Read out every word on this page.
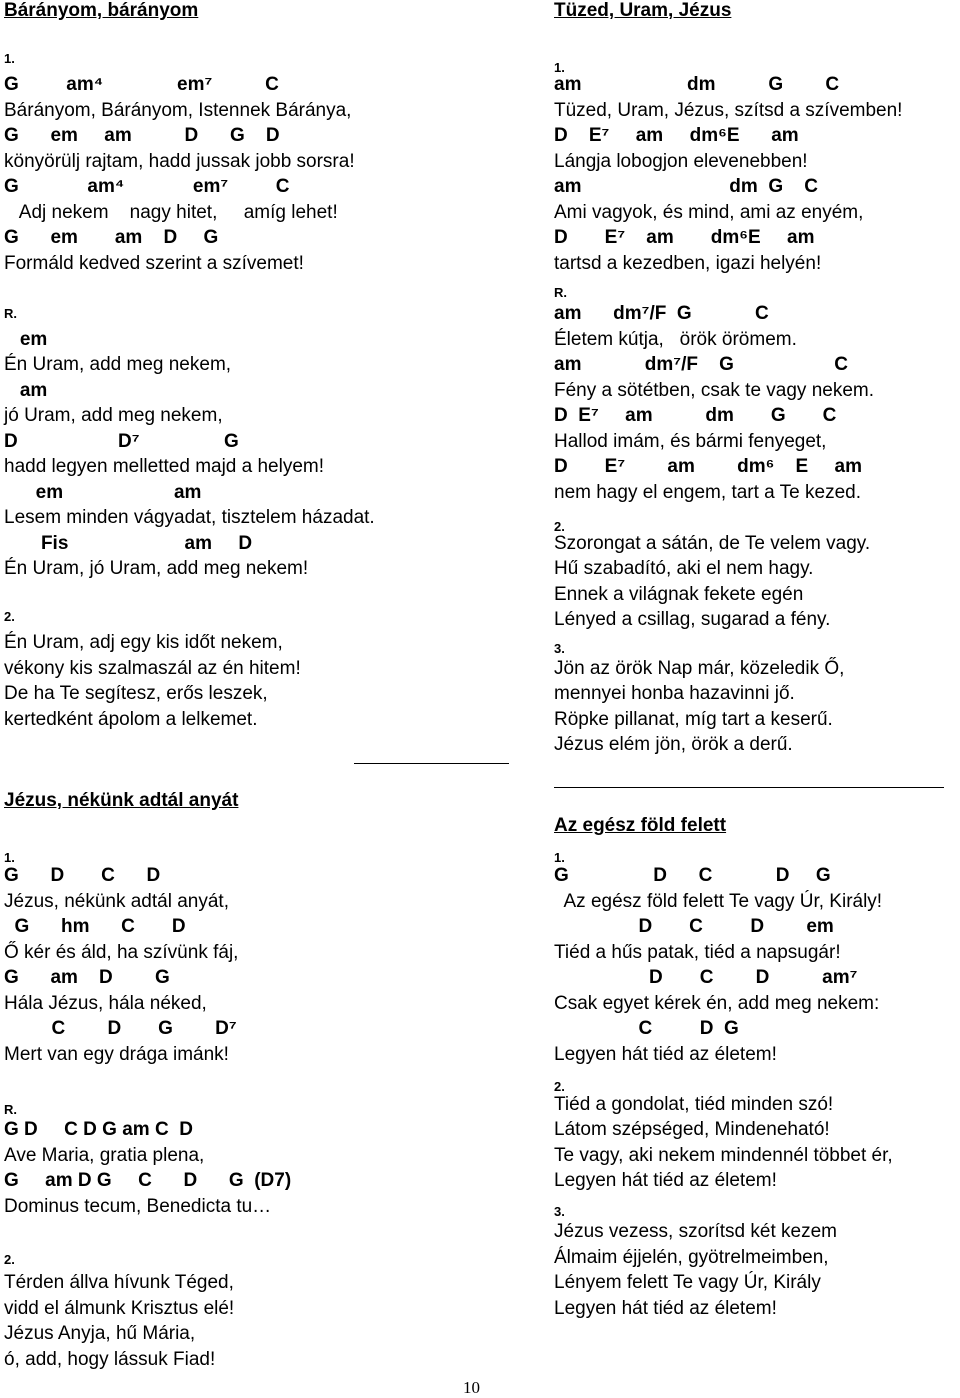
Bárányom, bárányom
1.
G         am⁴              em⁷          C
Bárányom, Bárányom, Istennek Báránya,
G      em     am          D      G    D
könyörülj rajtam, hadd jussak jobb sorsra!
G             am⁴             em⁷         C
Adj nekem    nagy hitet,     amíg lehet!
G      em       am    D     G
Formáld kedved szerint a szívemet!
R.
em
Én Uram, add meg nekem,
am
jó Uram, add meg nekem,
D                   D⁷                G
hadd legyen melletted majd a helyem!
em                     am
Lesem minden vágyadat, tisztelem házadat.
Fis                      am     D
Én Uram, jó Uram, add meg nekem!
2.
Én Uram, adj egy kis időt nekem,
vékony kis szalmaszál az én hitem!
De ha Te segítesz, erős leszek,
kertedként ápolom a lelkemet.
Jézus, nékünk adtál anyát
1.
G      D       C      D
Jézus, nékünk adtál anyát,
G      hm      C       D
Ő kér és áld, ha szívünk fáj,
G      am    D        G
Hála Jézus, hála néked,
C        D       G        D⁷
Mert van egy drága imánk!
R.
G D     C D G am C  D
Ave Maria, gratia plena,
G     am D G     C      D      G  (D7)
Dominus tecum, Benedicta tu…
2.
Térden állva hívunk Téged,
vidd el álmunk Krisztus elé!
Jézus Anyja, hű Mária,
ó, add, hogy lássuk Fiad!
Tüzed, Uram, Jézus
1.
am                    dm          G        C
Tüzed, Uram, Jézus, szítsd a szívemben!
D    E⁷     am     dm⁶E      am
Lángja lobogjon elevenebben!
am                            dm  G    C
Ami vagyok, és mind, ami az enyém,
D       E⁷    am       dm⁶E     am
tartsd a kezedben, igazi helyén!
R.
am      dm⁷/F  G            C
Életem kútja,   örök örömem.
am            dm⁷/F    G                   C
Fény a sötétben, csak te vagy nekem.
D  E⁷     am          dm       G       C
Hallod imám, és bármi fenyeget,
D       E⁷        am        dm⁶    E     am
nem hagy el engem, tart a Te kezed.
2.
Szorongat a sátán, de Te velem vagy.
Hű szabadító, aki el nem hagy.
Ennek a világnak fekete egén
Lényed a csillag, sugarad a fény.
3.
Jön az örök Nap már, közeledik Ő,
mennyei honba hazavinni jő.
Röpke pillanat, míg tart a keserű.
Jézus elém jön, örök a derű.
Az egész föld felett
1.
G                D      C            D     G
Az egész föld felett Te vagy Úr, Király!
D       C         D        em
Tiéd a hűs patak, tiéd a napsugár!
D       C        D          am⁷
Csak egyet kérek én, add meg nekem:
C         D  G
Legyen hát tiéd az életem!
2.
Tiéd a gondolat, tiéd minden szó!
Látom szépséged, Mindeneható!
Te vagy, aki nekem mindennél többet ér,
Legyen hát tiéd az életem!
3.
Jézus vezess, szorítsd két kezem
Álmaim éjjelén, gyötrelmeimben,
Lényem felett Te vagy Úr, Király
Legyen hát tiéd az életem!
10
